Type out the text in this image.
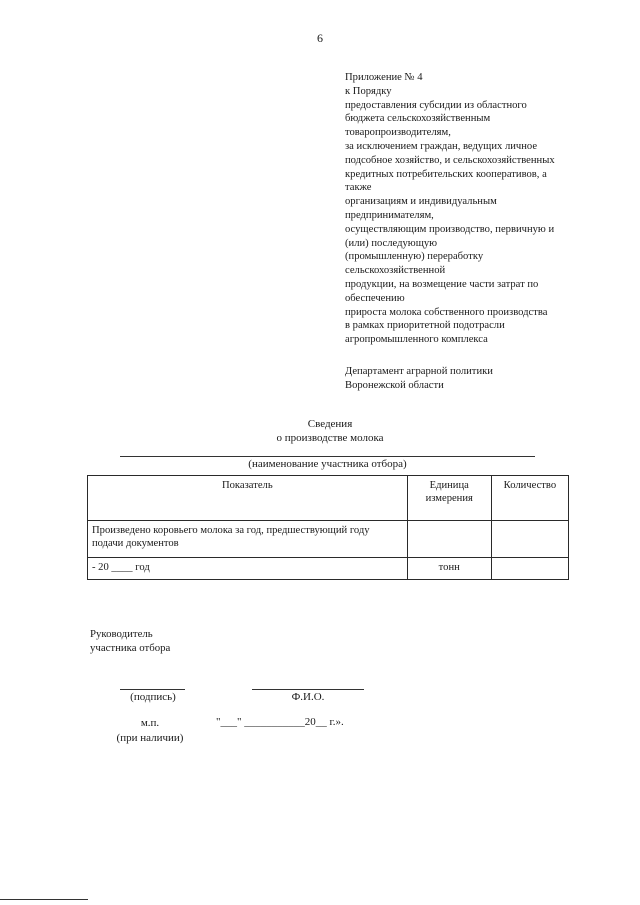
6
Приложение № 4
к Порядку
предоставления субсидии из областного
бюджета сельскохозяйственным
товаропроизводителям,
за исключением граждан, ведущих личное
подсобное хозяйство, и сельскохозяйственных
кредитных потребительских кооперативов, а
также
организациям и индивидуальным
предпринимателям,
осуществляющим производство, первичную и
(или) последующую
(промышленную) переработку
сельскохозяйственной
продукции, на возмещение части затрат по
обеспечению
прироста молока собственного производства
в рамках приоритетной подотрасли
агропромышленного комплекса
Департамент аграрной политики
Воронежской области
Сведения
о производстве молока
(наименование участника отбора)
Показатель	Единица измерения	Количество
Произведено коровьего молока за год, предшествующий году подачи документов		
- 20 ____ год	тонн	
Руководитель
участника отбора
(подпись)	Ф.И.О.
м.п.
(при наличии)
"___" ___________20__ г.».
